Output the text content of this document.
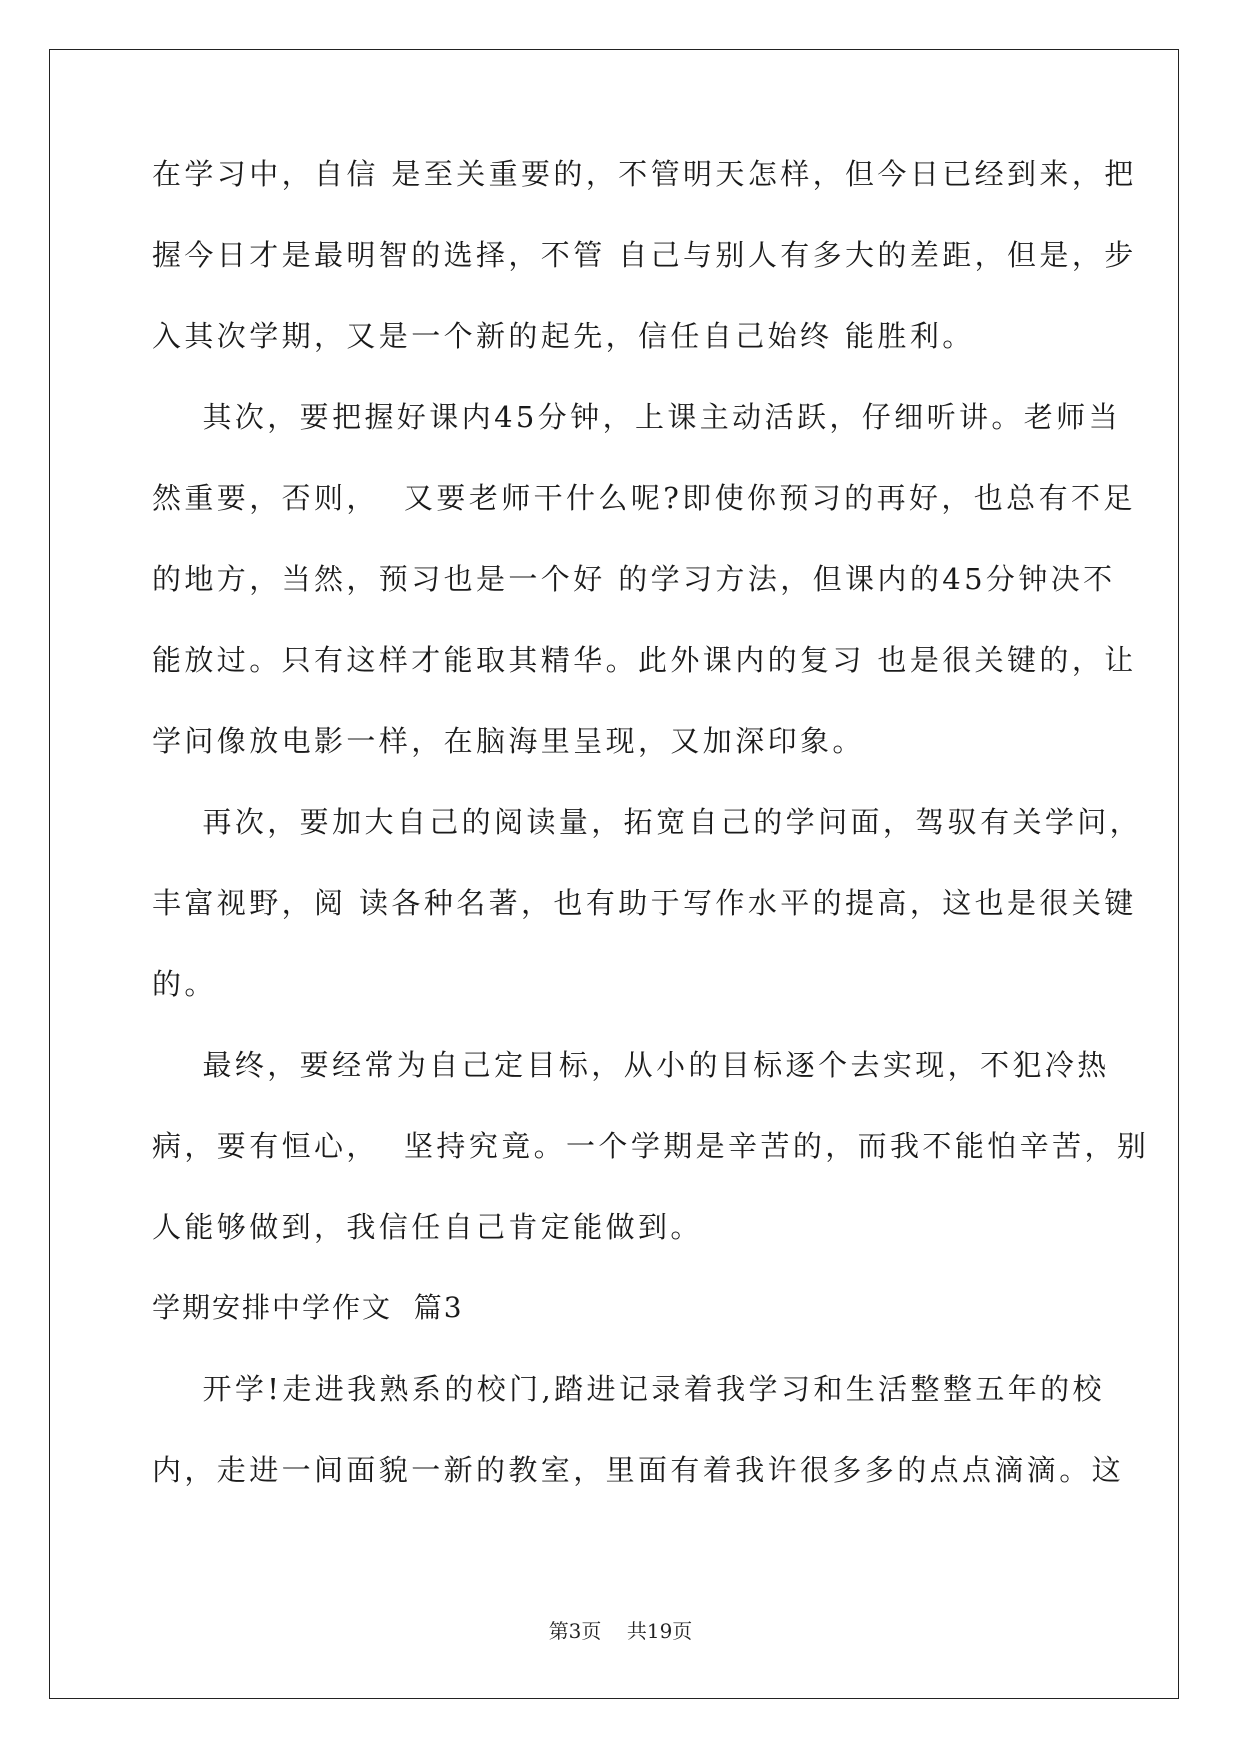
在学习中，自信 是至关重要的，不管明天怎样，但今日已经到来，把
握今日才是最明智的选择，不管 自己与别人有多大的差距，但是，步
入其次学期，又是一个新的起先，信任自己始终 能胜利。
其次，要把握好课内45分钟，上课主动活跃，仔细听讲。老师当
然重要，否则，  又要老师干什么呢?即使你预习的再好，也总有不足
的地方，当然，预习也是一个好 的学习方法，但课内的45分钟决不
能放过。只有这样才能取其精华。此外课内的复习 也是很关键的，让
学问像放电影一样，在脑海里呈现，又加深印象。
再次，要加大自己的阅读量，拓宽自己的学问面，驾驭有关学问，
丰富视野，阅 读各种名著，也有助于写作水平的提高，这也是很关键
的。
最终，要经常为自己定目标，从小的目标逐个去实现，不犯冷热
病，要有恒心，  坚持究竟。一个学期是辛苦的，而我不能怕辛苦，别
人能够做到，我信任自己肯定能做到。
学期安排中学作文  篇3
开学!走进我熟系的校门,踏进记录着我学习和生活整整五年的校
内，走进一间面貌一新的教室，里面有着我许很多多的点点滴滴。这
第3页    共19页
